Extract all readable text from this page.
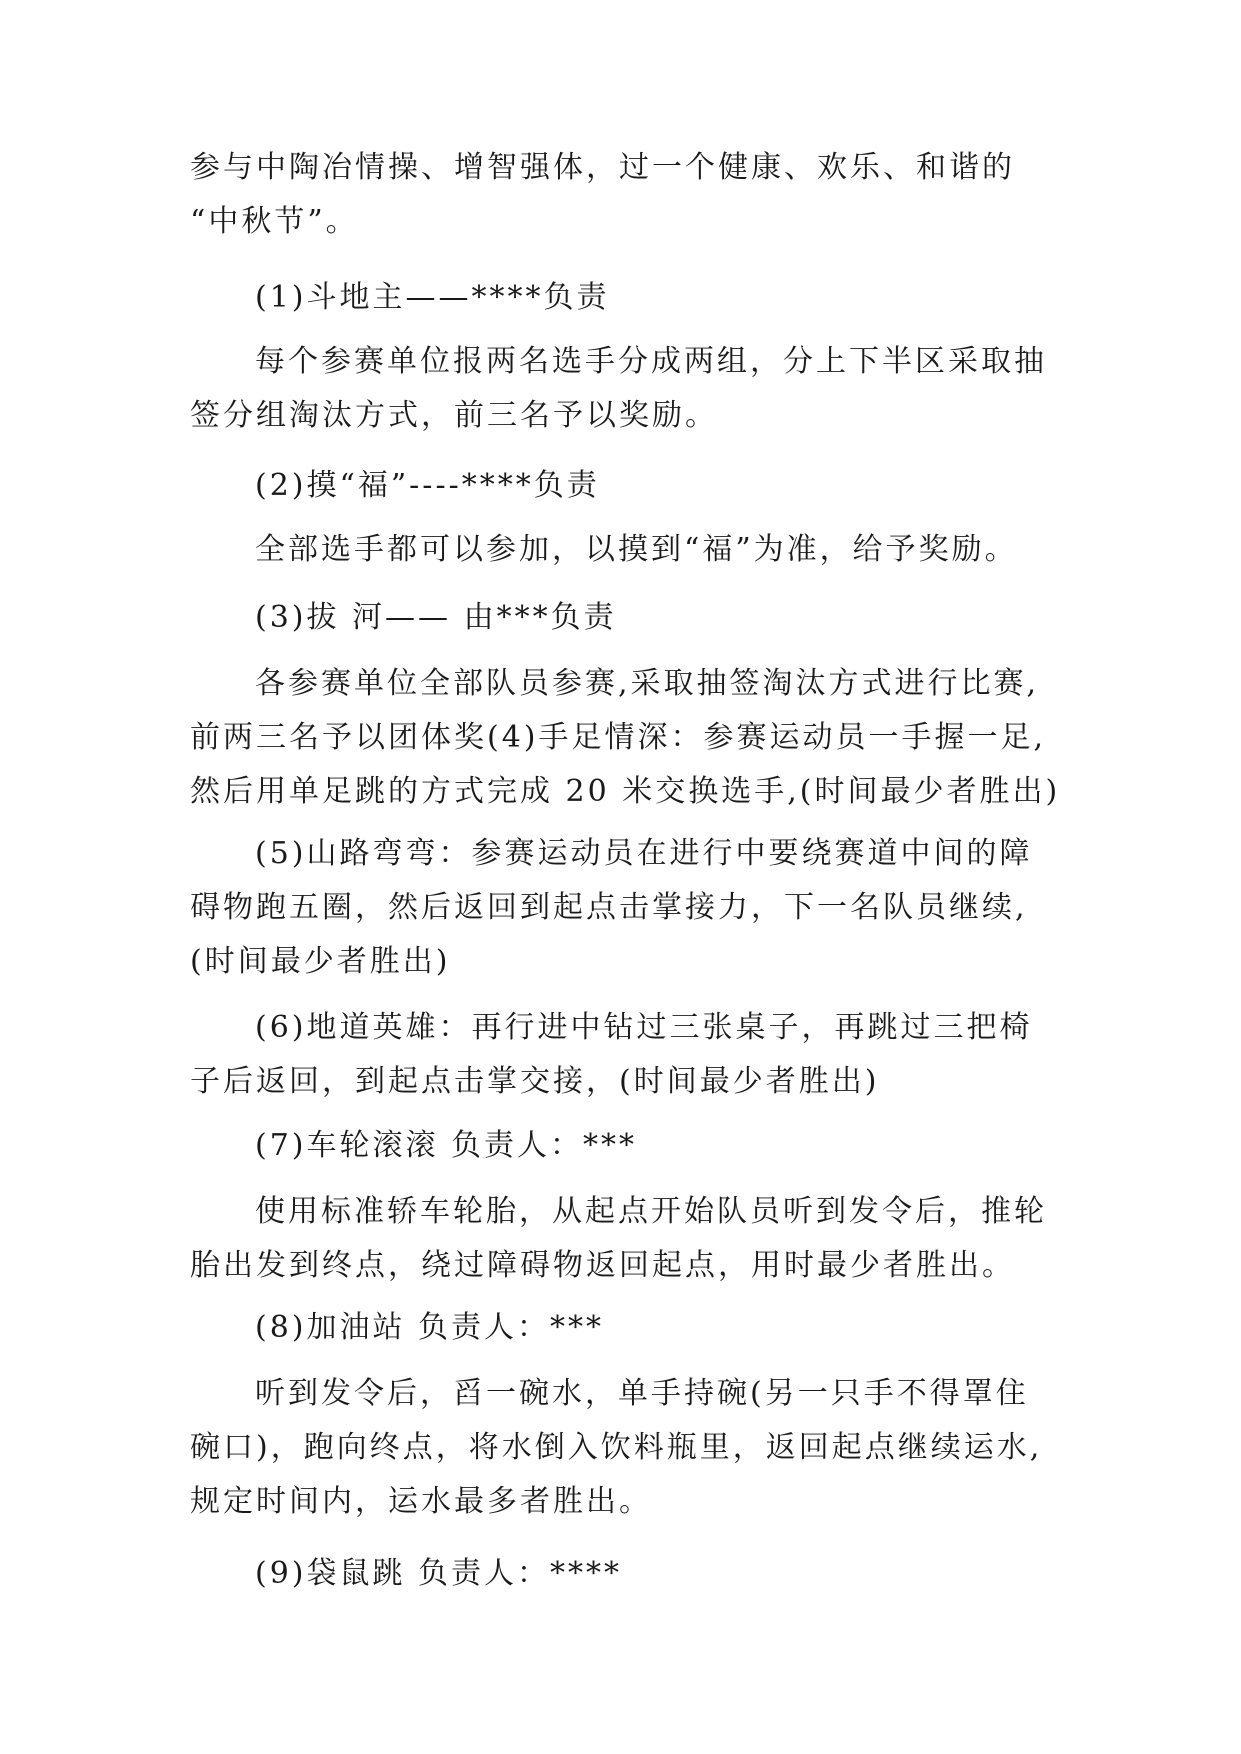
参与中陶冶情操、增智强体，过一个健康、欢乐、和谐的
“中秋节”。
(1)斗地主——****负责
每个参赛单位报两名选手分成两组，分上下半区采取抽
签分组淘汰方式，前三名予以奖励。
(2)摸“福”----****负责
全部选手都可以参加，以摸到“福”为准，给予奖励。
(3)拔 河—— 由***负责
各参赛单位全部队员参赛,采取抽签淘汰方式进行比赛,
前两三名予以团体奖(4)手足情深：参赛运动员一手握一足,
然后用单足跳的方式完成 20 米交换选手,(时间最少者胜出)
(5)山路弯弯：参赛运动员在进行中要绕赛道中间的障
碍物跑五圈，然后返回到起点击掌接力，下一名队员继续,
(时间最少者胜出)
(6)地道英雄：再行进中钻过三张桌子，再跳过三把椅
子后返回，到起点击掌交接，(时间最少者胜出)
(7)车轮滚滚 负责人：***
使用标准轿车轮胎，从起点开始队员听到发令后，推轮
胎出发到终点，绕过障碍物返回起点，用时最少者胜出。
(8)加油站 负责人：***
听到发令后，舀一碗水，单手持碗(另一只手不得罩住
碗口)，跑向终点，将水倒入饮料瓶里，返回起点继续运水,
规定时间内，运水最多者胜出。
(9)袋鼠跳 负责人：****
